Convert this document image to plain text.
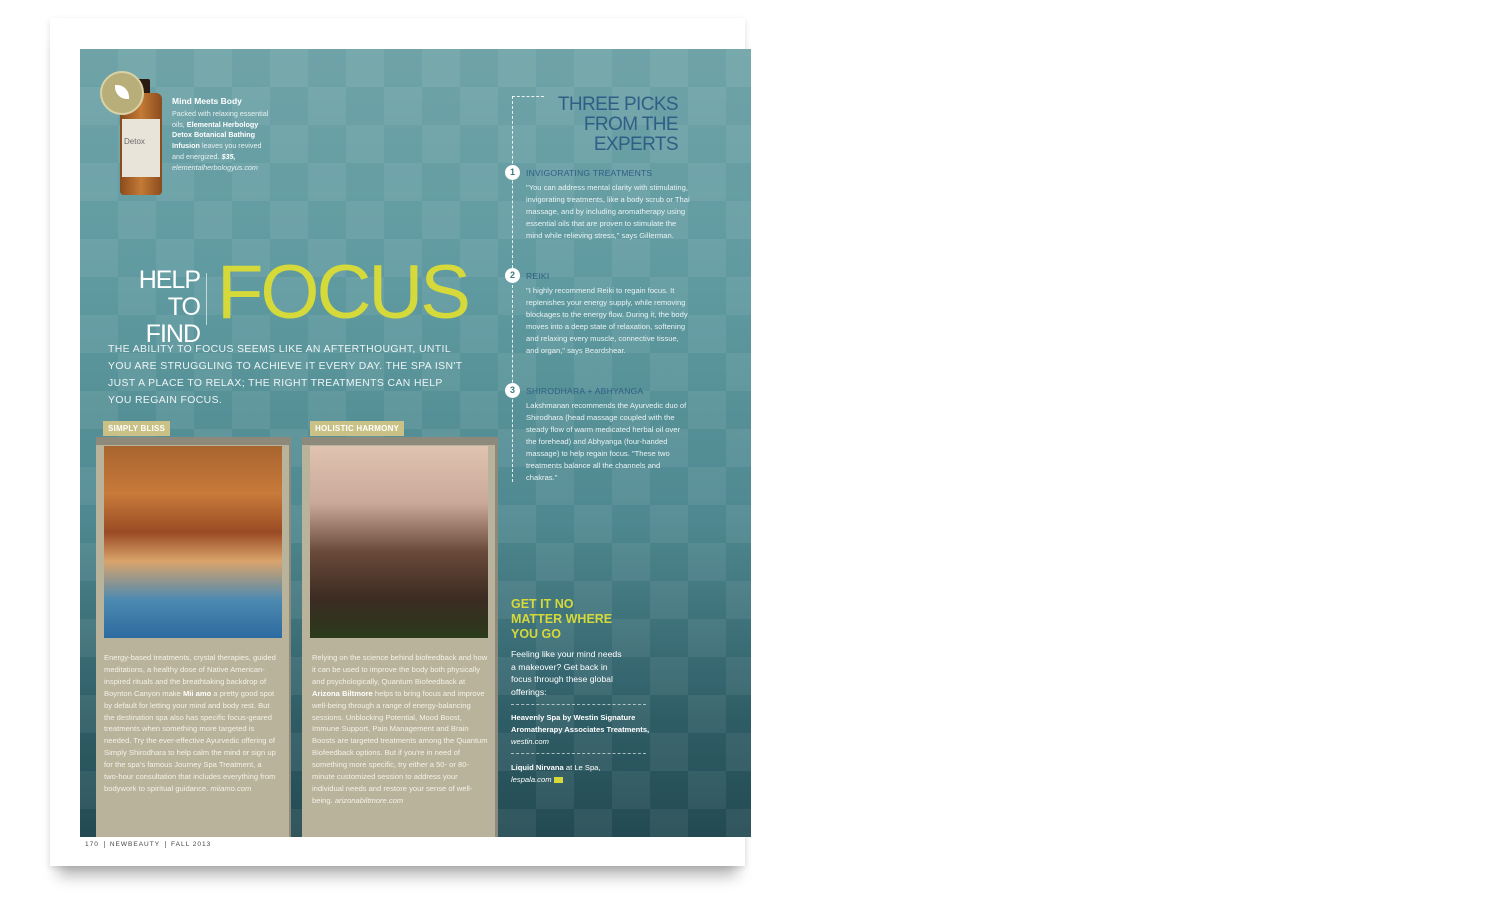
Detox
Mind Meets Body
Packed with relaxing essential oils, Elemental Herbology Detox Botanical Bathing Infusion leaves you revived and energized. $35, elementalherbologyus.com
HELP
TO FIND FOCUS
THE ABILITY TO FOCUS SEEMS LIKE AN AFTERTHOUGHT, UNTIL YOU ARE STRUGGLING TO ACHIEVE IT EVERY DAY. THE SPA ISN'T JUST A PLACE TO RELAX; THE RIGHT TREATMENTS CAN HELP YOU REGAIN FOCUS.
SIMPLY BLISS
Energy-based treatments, crystal therapies, guided meditations, a healthy dose of Native American-inspired rituals and the breathtaking backdrop of Boynton Canyon make Mii amo a pretty good spot by default for letting your mind and body rest. But the destination spa also has specific focus-geared treatments when something more targeted is needed. Try the ever-effective Ayurvedic offering of Simply Shirodhara to help calm the mind or sign up for the spa's famous Journey Spa Treatment, a two-hour consultation that includes everything from bodywork to spiritual guidance. miiamo.com
HOLISTIC HARMONY
Relying on the science behind biofeedback and how it can be used to improve the body both physically and psychologically, Quantum Biofeedback at Arizona Biltmore helps to bring focus and improve well-being through a range of energy-balancing sessions. Unblocking Potential, Mood Boost, Immune Support, Pain Management and Brain Boosts are targeted treatments among the Quantum Biofeedback options. But if you're in need of something more specific, try either a 50- or 80-minute customized session to address your individual needs and restore your sense of well-being. arizonabiltmore.com
THREE PICKS
FROM THE EXPERTS
1	INVIGORATING TREATMENTS
"You can address mental clarity with stimulating, invigorating treatments, like a body scrub or Thai massage, and by including aromatherapy using essential oils that are proven to stimulate the mind while relieving stress," says Gillerman.
2	REIKI
"I highly recommend Reiki to regain focus. It replenishes your energy supply, while removing blockages to the energy flow. During it, the body moves into a deep state of relaxation, softening and relaxing every muscle, connective tissue, and organ," says Beardshear.
3	SHIRODHARA + ABHYANGA
Lakshmanan recommends the Ayurvedic duo of Shirodhara (head massage coupled with the steady flow of warm medicated herbal oil over the forehead) and Abhyanga (four-handed massage) to help regain focus. "These two treatments balance all the channels and chakras."
GET IT NO
MATTER WHERE
YOU GO
Feeling like your mind needs a makeover? Get back in focus through these global offerings:
Heavenly Spa by Westin Signature Aromatherapy Associates Treatments, westin.com
Liquid Nirvana at Le Spa,
lespala.com
170 NEWBEAUTY FALL 2013
